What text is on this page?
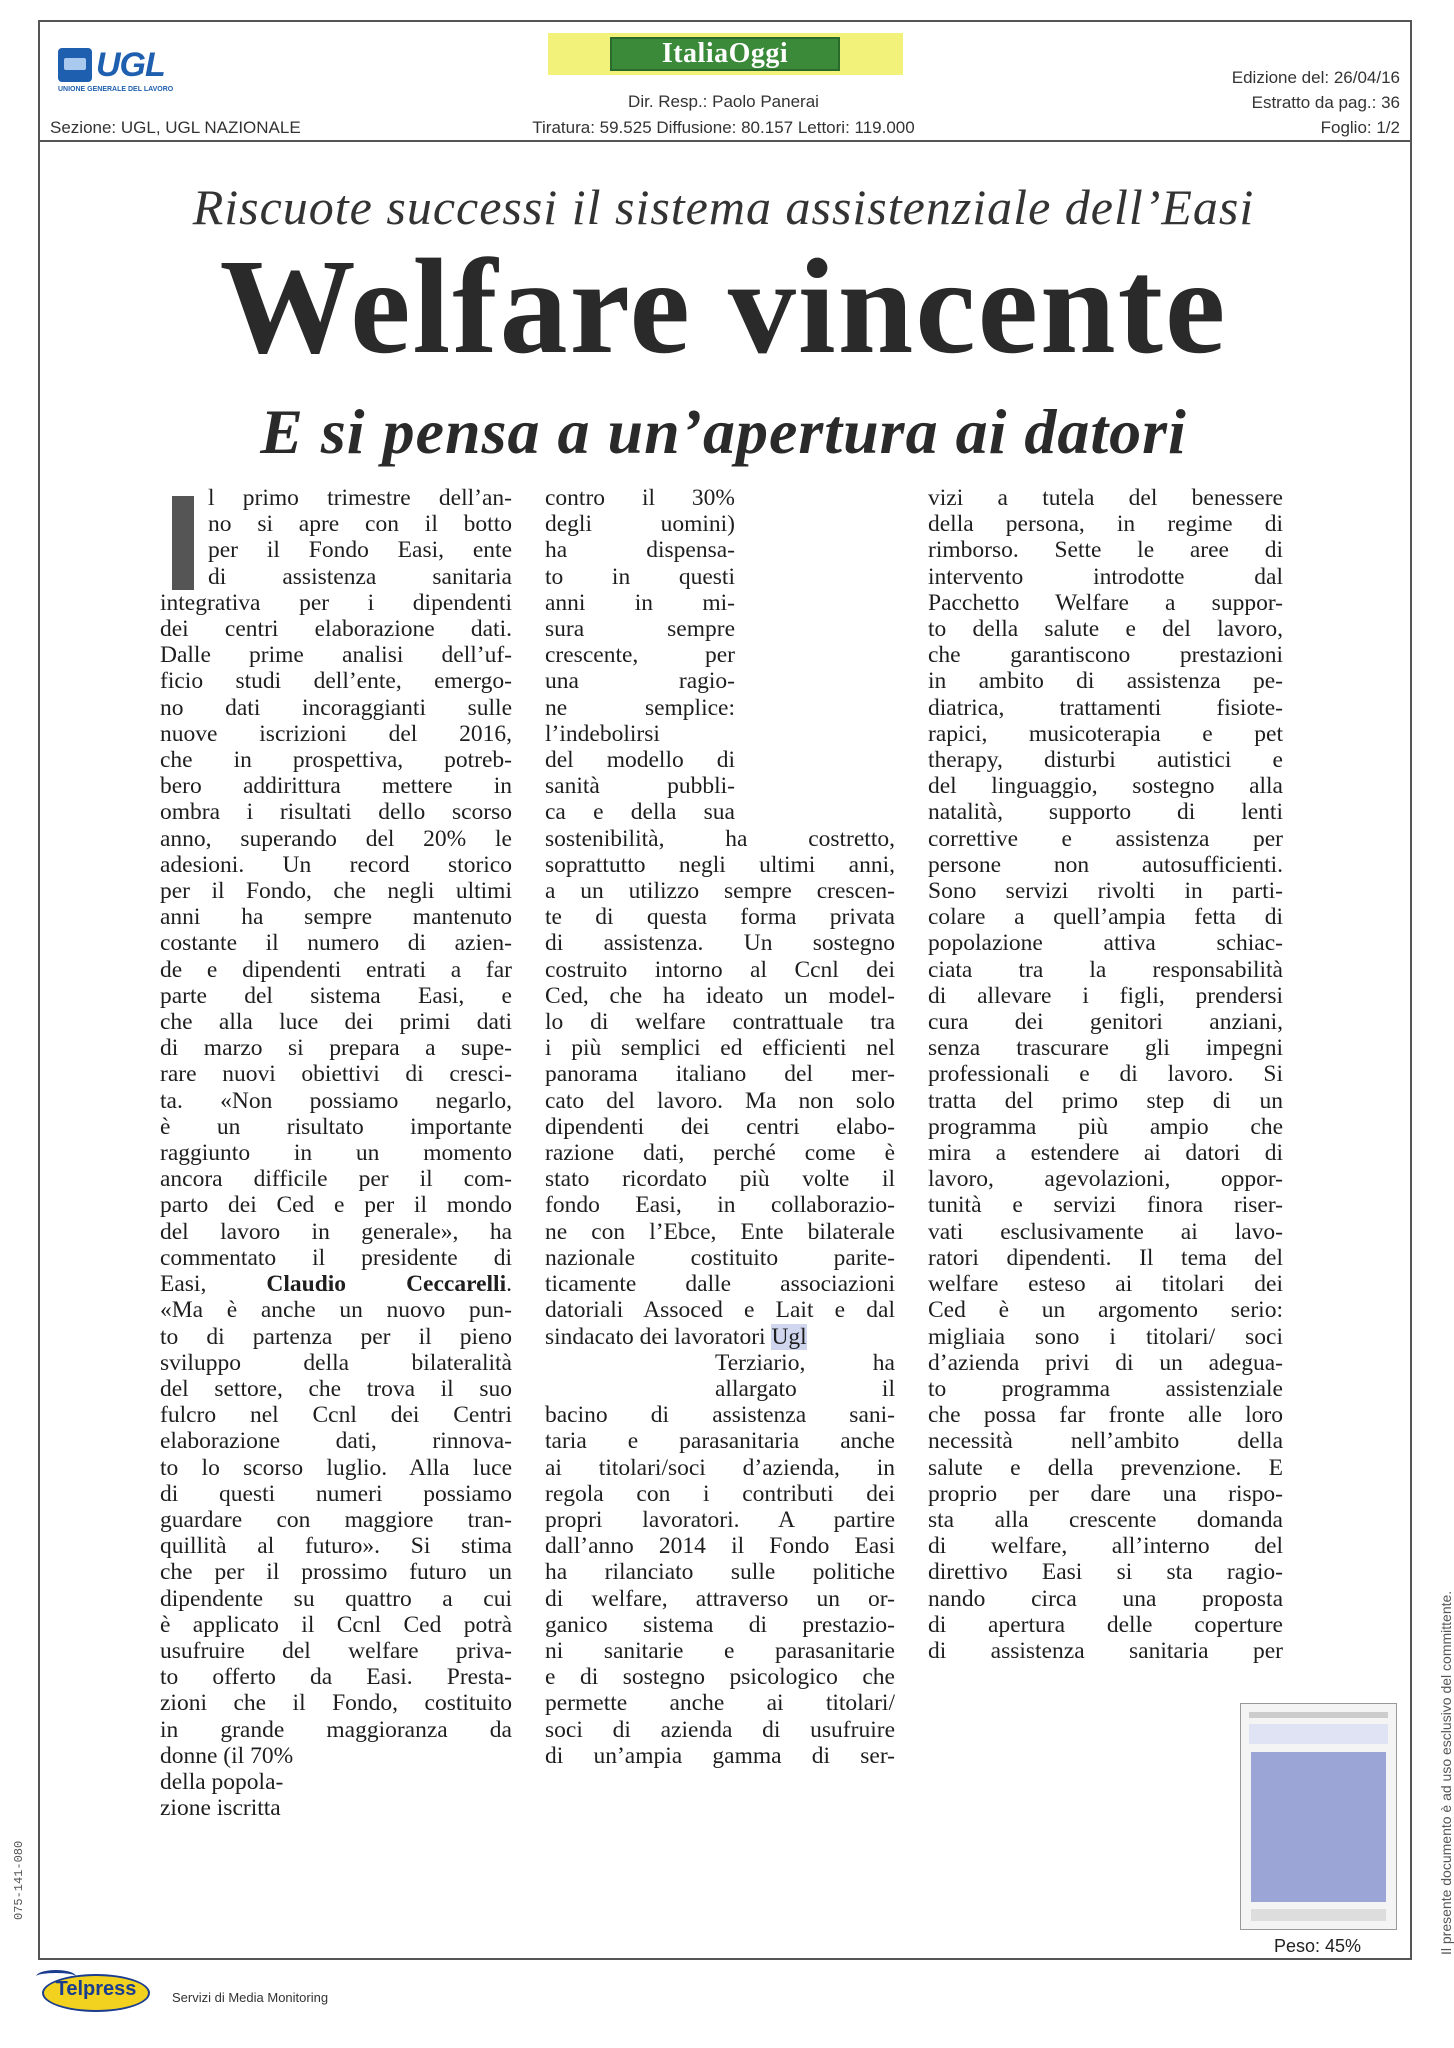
UGL
UNIONE GENERALE DEL LAVORO
ItaliaOggi
Sezione: UGL, UGL NAZIONALE
Dir. Resp.: Paolo Panerai
Tiratura: 59.525 Diffusione: 80.157 Lettori: 119.000
Edizione del: 26/04/16
Estratto da pag.: 36
Foglio: 1/2
Riscuote successi il sistema assistenziale dell’Easi
Welfare vincente
E si pensa a un’apertura ai datori
l primo trimestre dell’an-
no si apre con il botto
per il Fondo Easi, ente
di assistenza sanitaria
integrativa per i dipendenti
dei centri elaborazione dati.
Dalle prime analisi dell’uf-
ficio studi dell’ente, emergo-
no dati incoraggianti sulle
nuove iscrizioni del 2016,
che in prospettiva, potreb-
bero addirittura mettere in
ombra i risultati dello scorso
anno, superando del 20% le
adesioni. Un record storico
per il Fondo, che negli ultimi
anni ha sempre mantenuto
costante il numero di azien-
de e dipendenti entrati a far
parte del sistema Easi, e
che alla luce dei primi dati
di marzo si prepara a supe-
rare nuovi obiettivi di cresci-
ta. «Non possiamo negarlo,
è un risultato importante
raggiunto in un momento
ancora difficile per il com-
parto dei Ced e per il mondo
del lavoro in generale», ha
commentato il presidente di
Easi, Claudio Ceccarelli.
«Ma è anche un nuovo pun-
to di partenza per il pieno
sviluppo della bilateralità
del settore, che trova il suo
fulcro nel Ccnl dei Centri
elaborazione dati, rinnova-
to lo scorso luglio. Alla luce
di questi numeri possiamo
guardare con maggiore tran-
quillità al futuro». Si stima
che per il prossimo futuro un
dipendente su quattro a cui
è applicato il Ccnl Ced potrà
usufruire del welfare priva-
to offerto da Easi. Presta-
zioni che il Fondo, costituito
in grande maggioranza da
donne (il 70%
della popola-
zione iscritta
contro il 30%
degli uomini)
ha dispensa-
to in questi
anni in mi-
sura sempre
crescente, per
una ragio-
ne semplice:
l’indebolirsi
del modello di
sanità pubbli-
ca e della sua
sostenibilità, ha costretto,
soprattutto negli ultimi anni,
a un utilizzo sempre crescen-
te di questa forma privata
di assistenza. Un sostegno
costruito intorno al Ccnl dei
Ced, che ha ideato un model-
lo di welfare contrattuale tra
i più semplici ed efficienti nel
panorama italiano del mer-
cato del lavoro. Ma non solo
dipendenti dei centri elabo-
razione dati, perché come è
stato ricordato più volte il
fondo Easi, in collaborazio-
ne con l’Ebce, Ente bilaterale
nazionale costituito parite-
ticamente dalle associazioni
datoriali Assoced e Lait e dal
sindacato dei lavoratori Ugl
Terziario, ha
allargato il
bacino di assistenza sani-
taria e parasanitaria anche
ai titolari/soci d’azienda, in
regola con i contributi dei
propri lavoratori. A partire
dall’anno 2014 il Fondo Easi
ha rilanciato sulle politiche
di welfare, attraverso un or-
ganico sistema di prestazio-
ni sanitarie e parasanitarie
e di sostegno psicologico che
permette anche ai titolari/
soci di azienda di usufruire
di un’ampia gamma di ser-
vizi a tutela del benessere
della persona, in regime di
rimborso. Sette le aree di
intervento introdotte dal
Pacchetto Welfare a suppor-
to della salute e del lavoro,
che garantiscono prestazioni
in ambito di assistenza pe-
diatrica, trattamenti fisiote-
rapici, musicoterapia e pet
therapy, disturbi autistici e
del linguaggio, sostegno alla
natalità, supporto di lenti
correttive e assistenza per
persone non autosufficienti.
Sono servizi rivolti in parti-
colare a quell’ampia fetta di
popolazione attiva schiac-
ciata tra la responsabilità
di allevare i figli, prendersi
cura dei genitori anziani,
senza trascurare gli impegni
professionali e di lavoro. Si
tratta del primo step di un
programma più ampio che
mira a estendere ai datori di
lavoro, agevolazioni, oppor-
tunità e servizi finora riser-
vati esclusivamente ai lavo-
ratori dipendenti. Il tema del
welfare esteso ai titolari dei
Ced è un argomento serio:
migliaia sono i titolari/ soci
d’azienda privi di un adegua-
to programma assistenziale
che possa far fronte alle loro
necessità nell’ambito della
salute e della prevenzione. E
proprio per dare una rispo-
sta alla crescente domanda
di welfare, all’interno del
direttivo Easi si sta ragio-
nando circa una proposta
di apertura delle coperture
di assistenza sanitaria per
Peso: 45%	Il presente documento è ad uso esclusivo del committente.
075-141-080
Telpress	Servizi di Media Monitoring
